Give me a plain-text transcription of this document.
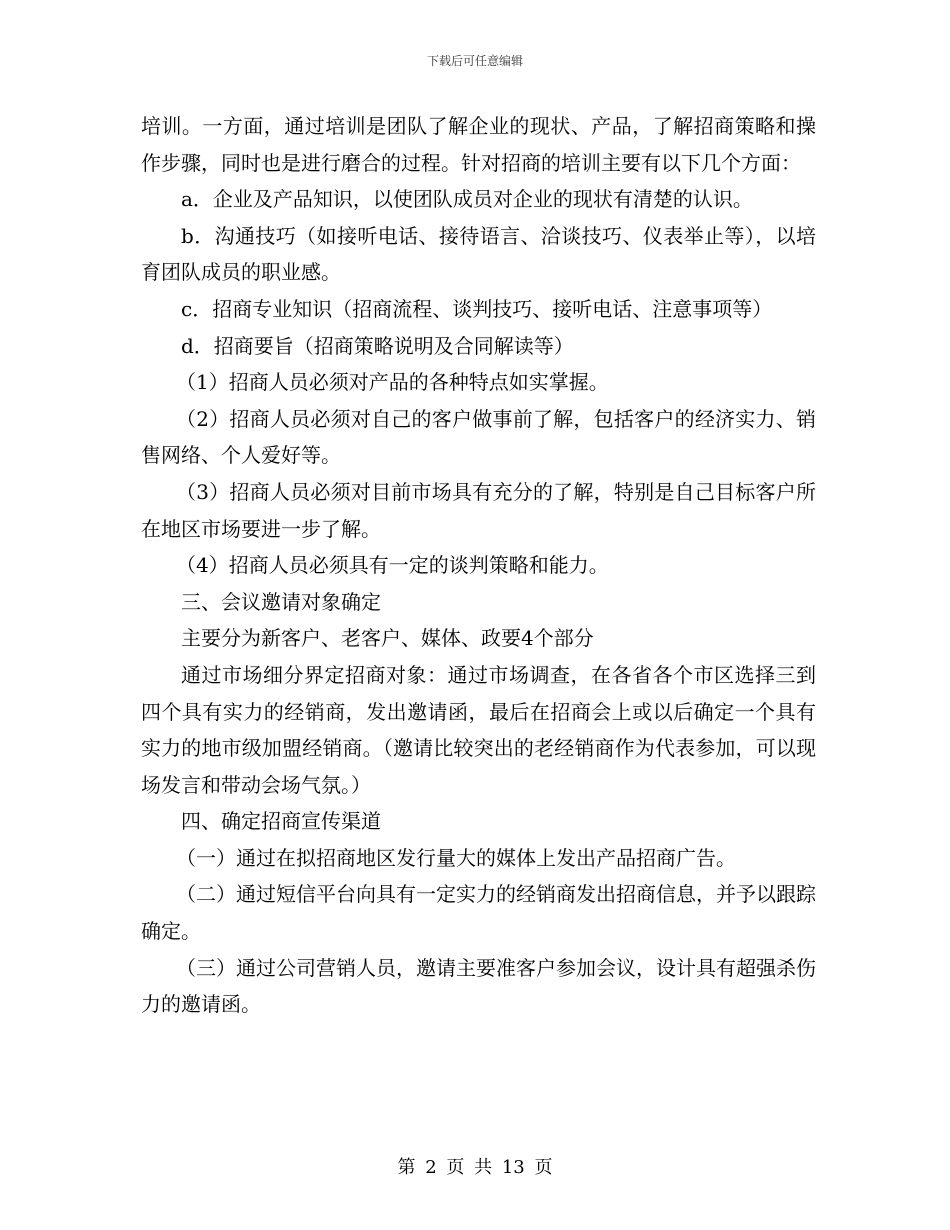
下载后可任意编辑

培训。一方面，通过培训是团队了解企业的现状、产品，了解招商策略和操作步骤，同时也是进行磨合的过程。针对招商的培训主要有以下几个方面：

a．企业及产品知识，以使团队成员对企业的现状有清楚的认识。

b．沟通技巧（如接听电话、接待语言、洽谈技巧、仪表举止等），以培育团队成员的职业感。

c．招商专业知识（招商流程、谈判技巧、接听电话、注意事项等）

d．招商要旨（招商策略说明及合同解读等）

（1）招商人员必须对产品的各种特点如实掌握。

（2）招商人员必须对自己的客户做事前了解，包括客户的经济实力、销售网络、个人爱好等。

（3）招商人员必须对目前市场具有充分的了解，特别是自己目标客户所在地区市场要进一步了解。

（4）招商人员必须具有一定的谈判策略和能力。

三、会议邀请对象确定

主要分为新客户、老客户、媒体、政要4个部分

通过市场细分界定招商对象：通过市场调查，在各省各个市区选择三到四个具有实力的经销商，发出邀请函，最后在招商会上或以后确定一个具有实力的地市级加盟经销商。（邀请比较突出的老经销商作为代表参加，可以现场发言和带动会场气氛。）

四、确定招商宣传渠道

（一）通过在拟招商地区发行量大的媒体上发出产品招商广告。

（二）通过短信平台向具有一定实力的经销商发出招商信息，并予以跟踪确定。

（三）通过公司营销人员，邀请主要准客户参加会议，设计具有超强杀伤力的邀请函。

第 2 页 共 13 页
